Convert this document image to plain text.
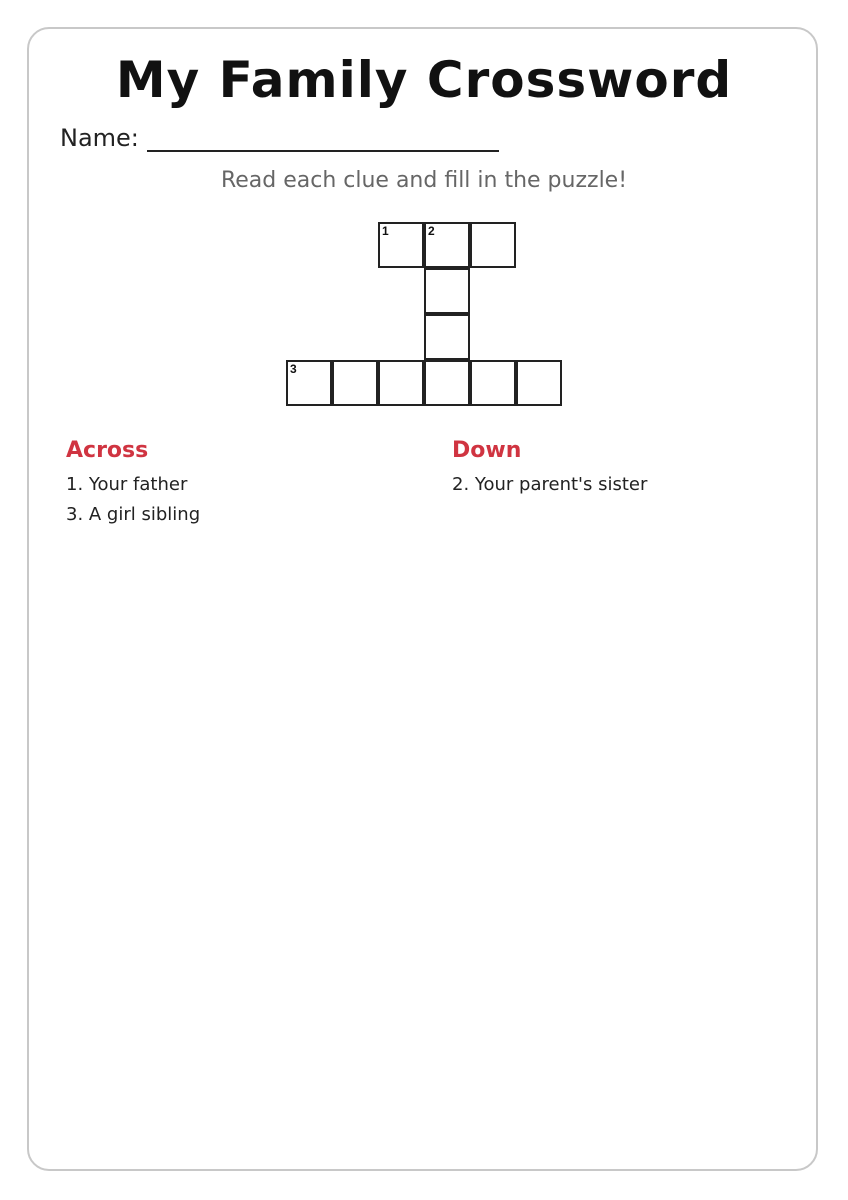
My Family Crossword
Name:
Read each clue and fill in the puzzle!
1	2
3
Across
1. Your father
3. A girl sibling
Down
2. Your parent's sister
